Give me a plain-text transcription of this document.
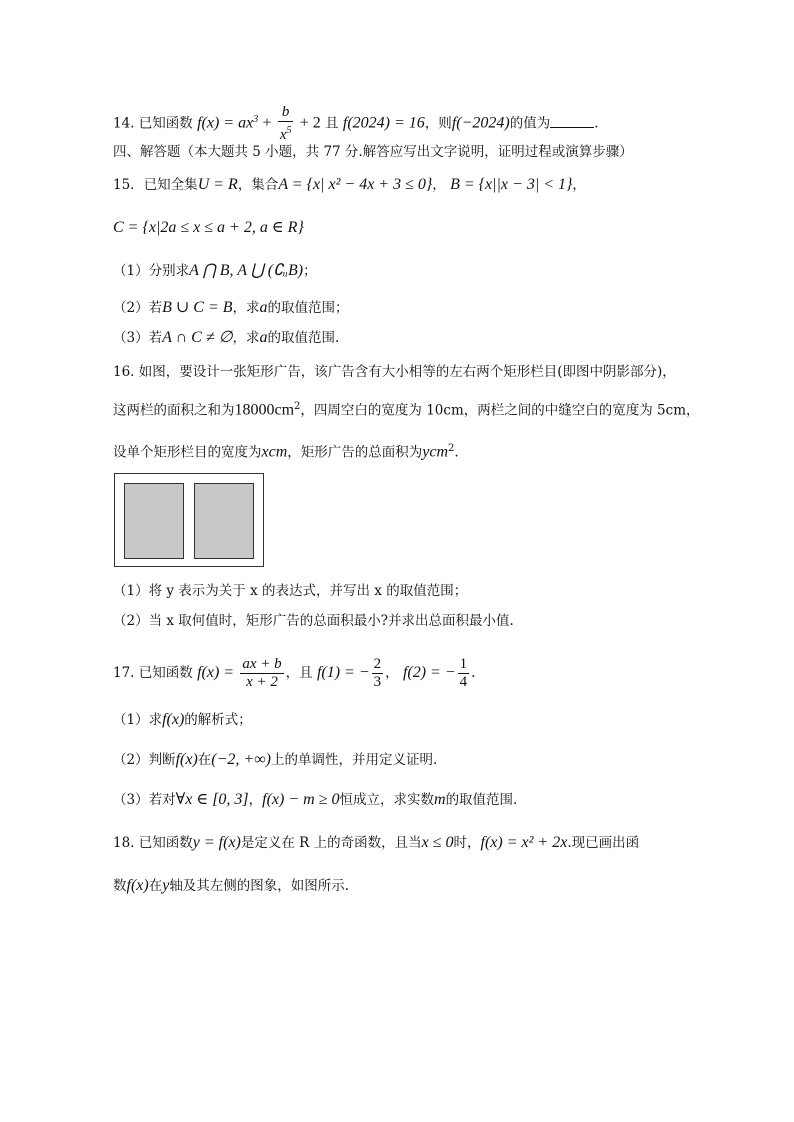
14. 已知函数 $f(x) = ax^3 + \frac{b}{x^5} + 2$ 且 f(2024) = 16，则f(−2024)的值为	.
四、解答题（本大题共 5 小题，共 77 分.解答应写出文字说明，证明过程或演算步骤）
15．已知全集U = R，集合A = {x| x² − 4x + 3 ≤ 0}， B = {x||x − 3| < 1}，
C = {x|2a ≤ x ≤ a + 2, a ∈ R}
（1）分别求A ⋂ B, A ⋃ (∁ᵤB)；
（2）若B ∪ C = B，求a的取值范围；
（3）若A ∩ C ≠ ∅，求a的取值范围.
16. 如图，要设计一张矩形广告，该广告含有大小相等的左右两个矩形栏目(即图中阴影部分)，
这两栏的面积之和为$18000cm^2$，四周空白的宽度为 10cm，两栏之间的中缝空白的宽度为 5cm，
设单个矩形栏目的宽度为xcm，矩形广告的总面积为ycm$^2$.
（1）将 y 表示为关于 x 的表达式，并写出 x 的取值范围；
（2）当 x 取何值时，矩形广告的总面积最小?并求出总面积最小值.
17. 已知函数 $f(x) = \frac{ax + b}{x + 2}$ ，且 f(1) = − $\frac{2}{3}$ ， f(2) = − $\frac{1}{4}$ .
（1）求f(x)的解析式；
（2）判断f(x)在(−2, +∞)上的单调性，并用定义证明.
（3）若对∀x ∈ [0, 3]，f(x) − m ≥ 0恒成立，求实数m的取值范围.
18. 已知函数y = f(x)是定义在 R 上的奇函数，且当x ≤ 0时，f(x) = x² + 2x.现已画出函
数f(x)在y轴及其左侧的图象，如图所示.
